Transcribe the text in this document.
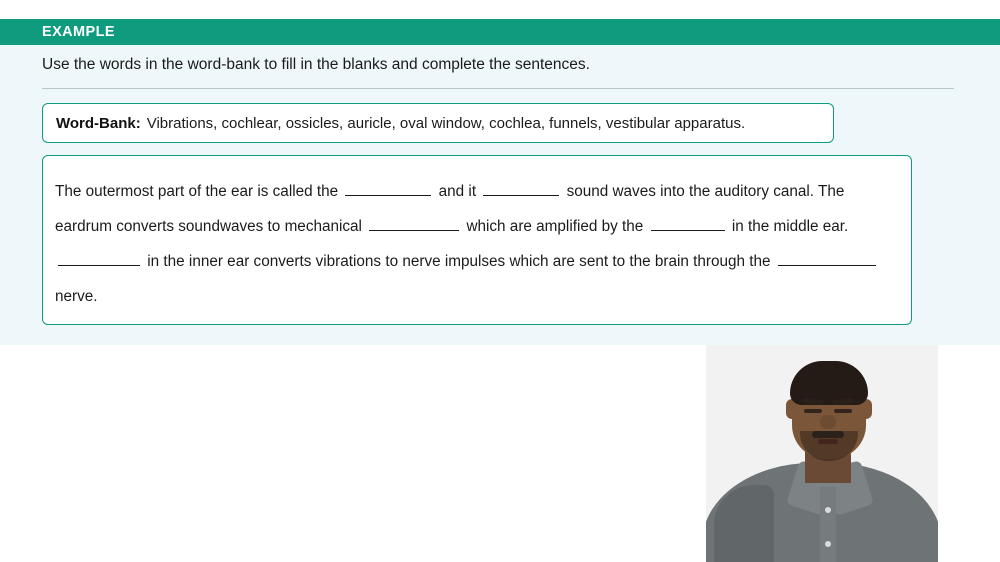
EXAMPLE
Use the words in the word-bank to fill in the blanks and complete the sentences.
Word-Bank: Vibrations, cochlear, ossicles, auricle, oval window, cochlea, funnels, vestibular apparatus.
The outermost part of the ear is called the	and it	sound waves into the auditory canal. The eardrum converts soundwaves to mechanical	which are amplified by the	in the middle ear.  in the inner ear converts vibrations to nerve impulses which are sent to the brain through the  nerve.
